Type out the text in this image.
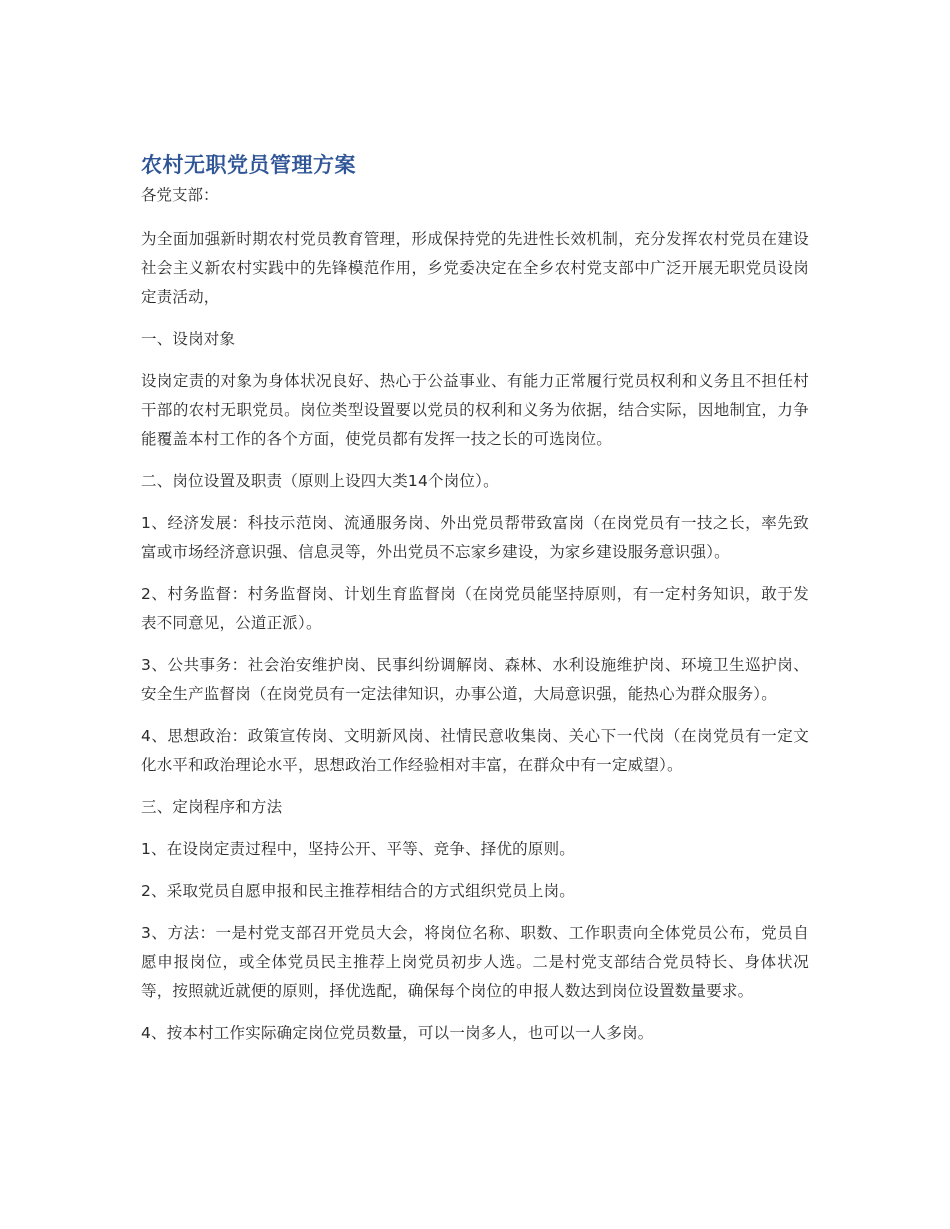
农村无职党员管理方案

各党支部：

为全面加强新时期农村党员教育管理，形成保持党的先进性长效机制，充分发挥农村党员在建设社会主义新农村实践中的先锋模范作用，乡党委决定在全乡农村党支部中广泛开展无职党员设岗定责活动，

一、设岗对象

设岗定责的对象为身体状况良好、热心于公益事业、有能力正常履行党员权利和义务且不担任村干部的农村无职党员。岗位类型设置要以党员的权利和义务为依据，结合实际，因地制宜，力争能覆盖本村工作的各个方面，使党员都有发挥一技之长的可选岗位。

二、岗位设置及职责（原则上设四大类14个岗位）。

1、经济发展：科技示范岗、流通服务岗、外出党员帮带致富岗（在岗党员有一技之长，率先致富或市场经济意识强、信息灵等，外出党员不忘家乡建设，为家乡建设服务意识强）。

2、村务监督：村务监督岗、计划生育监督岗（在岗党员能坚持原则，有一定村务知识，敢于发表不同意见，公道正派）。

3、公共事务：社会治安维护岗、民事纠纷调解岗、森林、水利设施维护岗、环境卫生巡护岗、安全生产监督岗（在岗党员有一定法律知识，办事公道，大局意识强，能热心为群众服务）。

4、思想政治：政策宣传岗、文明新风岗、社情民意收集岗、关心下一代岗（在岗党员有一定文化水平和政治理论水平，思想政治工作经验相对丰富，在群众中有一定威望）。

三、定岗程序和方法

1、在设岗定责过程中，坚持公开、平等、竞争、择优的原则。

2、采取党员自愿申报和民主推荐相结合的方式组织党员上岗。

3、方法：一是村党支部召开党员大会，将岗位名称、职数、工作职责向全体党员公布，党员自愿申报岗位，或全体党员民主推荐上岗党员初步人选。二是村党支部结合党员特长、身体状况等，按照就近就便的原则，择优选配，确保每个岗位的申报人数达到岗位设置数量要求。

4、按本村工作实际确定岗位党员数量，可以一岗多人，也可以一人多岗。
